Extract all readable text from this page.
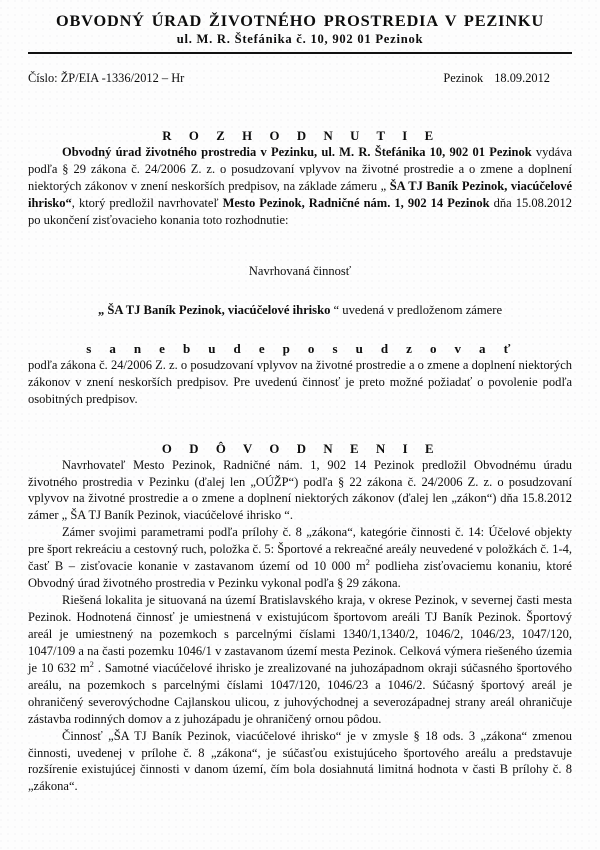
OBVODNÝ ÚRAD ŽIVOTNÉHO PROSTREDIA V PEZINKU
ul. M. R. Štefánika č. 10, 902 01 Pezinok
Číslo: ŽP/EIA -1336/2012 – Hr	Pezinok 18.09.2012
R O Z H O D N U T I E

Obvodný úrad životného prostredia v Pezinku, ul. M. R. Štefánika 10, 902 01 Pezinok vydáva podľa § 29 zákona č. 24/2006 Z. z. o posudzovaní vplyvov na životné prostredie a o zmene a doplnení niektorých zákonov v znení neskorších predpisov, na základe zámeru „ ŠA TJ Baník Pezinok, viacúčelové ihrisko“, ktorý predložil navrhovateľ Mesto Pezinok, Radničné nám. 1, 902 14 Pezinok dňa 15.08.2012 po ukončení zisťovacieho konania toto rozhodnutie:

Navrhovaná činnosť
„ ŠA TJ Baník Pezinok, viacúčelové ihrisko “ uvedená v predloženom zámere
s a n e b u d e p o s u d z o v a ť

podľa zákona č. 24/2006 Z. z. o posudzovaní vplyvov na životné prostredie a o zmene a doplnení niektorých zákonov v znení neskorších predpisov. Pre uvedenú činnosť je preto možné požiadať o povolenie podľa osobitných predpisov.

O D Ô V O D N E N I E

Navrhovateľ Mesto Pezinok, Radničné nám. 1, 902 14 Pezinok predložil Obvodnému úradu životného prostredia v Pezinku (ďalej len „OÚŽP“) podľa § 22 zákona č. 24/2006 Z. z. o posudzovaní vplyvov na životné prostredie a o zmene a doplnení niektorých zákonov (ďalej len „zákon“) dňa 15.8.2012 zámer „ ŠA TJ Baník Pezinok, viacúčelové ihrisko “.

Zámer svojimi parametrami podľa prílohy č. 8 „zákona“, kategórie činnosti č. 14: Účelové objekty pre šport rekreáciu a cestovný ruch, položka č. 5: Športové a rekreačné areály neuvedené v položkách č. 1-4, časť B – zisťovacie konanie v zastavanom území od 10 000 $m^2$ podlieha zisťovaciemu konaniu, ktoré Obvodný úrad životného prostredia v Pezinku vykonal podľa § 29 zákona.

Riešená lokalita je situovaná na území Bratislavského kraja, v okrese Pezinok, v severnej časti mesta Pezinok. Hodnotená činnosť je umiestnená v existujúcom športovom areáli TJ Baník Pezinok. Športový areál je umiestnený na pozemkoch s parcelnými číslami 1340/1,1340/2, 1046/2, 1046/23, 1047/120, 1047/109 a na časti pozemku 1046/1 v zastavanom území mesta Pezinok. Celková výmera riešeného územia je 10 632 $m^2$ . Samotné viacúčelové ihrisko je zrealizované na juhozápadnom okraji súčasného športového areálu, na pozemkoch s parcelnými číslami 1047/120, 1046/23 a 1046/2. Súčasný športový areál je ohraničený severovýchodne Cajlanskou ulicou, z juhovýchodnej a severozápadnej strany areál ohraničuje zástavba rodinných domov a z juhozápadu je ohraničený ornou pôdou.

Činnosť „ŠA TJ Baník Pezinok, viacúčelové ihrisko“ je v zmysle § 18 ods. 3 „zákona“ zmenou činnosti, uvedenej v prílohe č. 8 „zákona“, je súčasťou existujúceho športového areálu a predstavuje rozšírenie existujúcej činnosti v danom území, čím bola dosiahnutá limitná hodnota v časti B prílohy č. 8 „zákona“.
